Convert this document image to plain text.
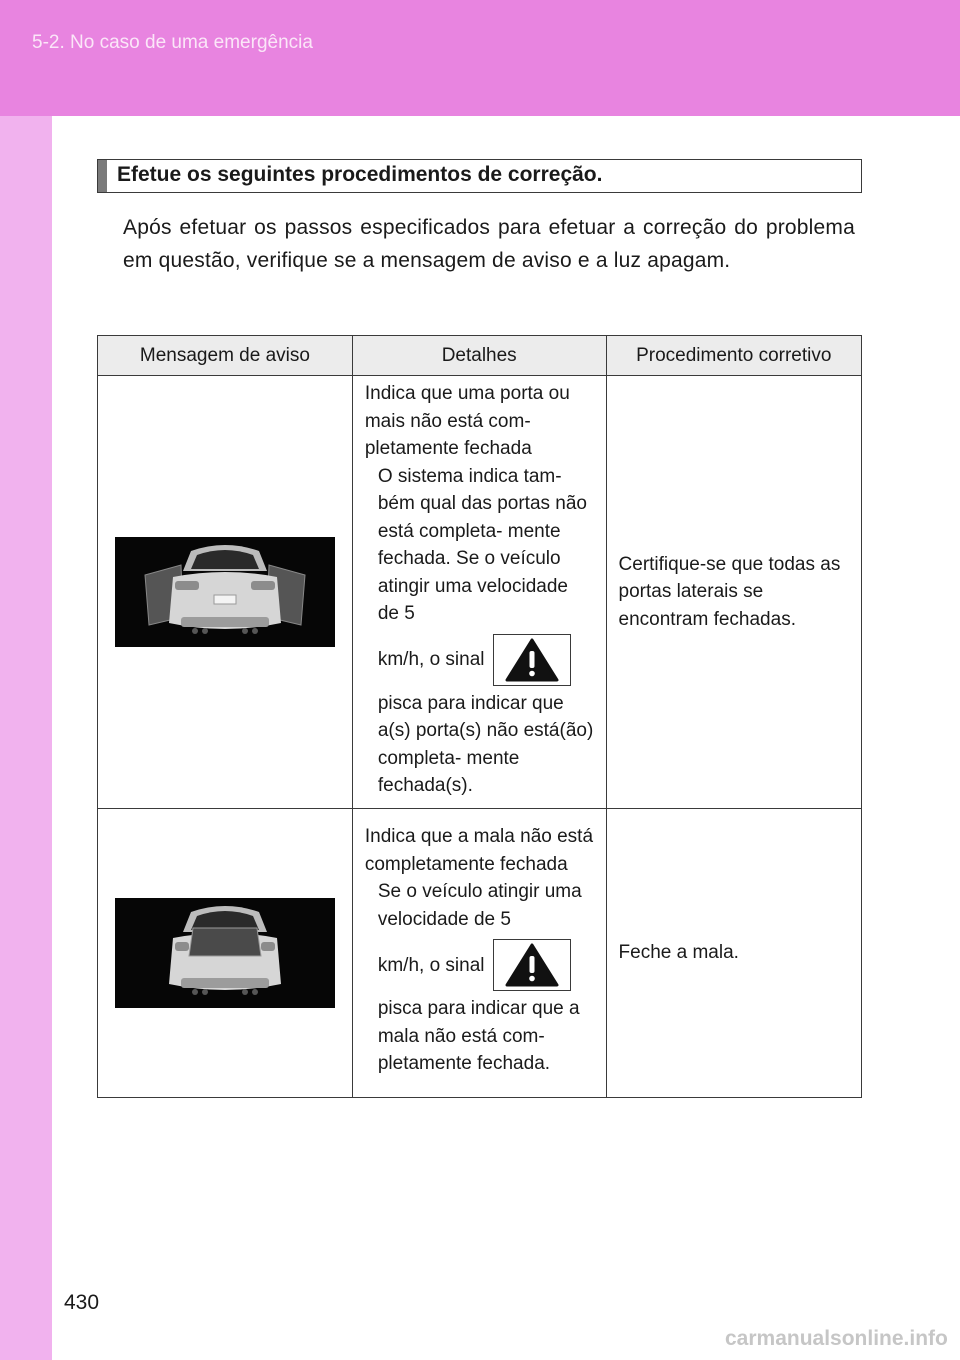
5-2. No caso de uma emergência
Efetue os seguintes procedimentos de correção.

Após efetuar os passos especificados para efetuar a correção do problema em questão, verifique se a mensagem de aviso e a luz apagam.

Mensagem de aviso	Detalhes	Procedimento corretivo

Indica que uma porta ou mais não está com- pletamente fechada
O sistema indica tam- bém qual das portas não está completa- mente fechada. Se o veículo atingir uma velocidade de 5
km/h, o sinal
pisca para indicar que a(s) porta(s) não está(ão) completa- mente fechada(s).	Certifique-se que todas as portas laterais se encontram fechadas.

Indica que a mala não está completamente fechada
Se o veículo atingir uma velocidade de 5
km/h, o sinal
pisca para indicar que a mala não está com- pletamente fechada.	Feche a mala.
430
carmanualsonline.info
